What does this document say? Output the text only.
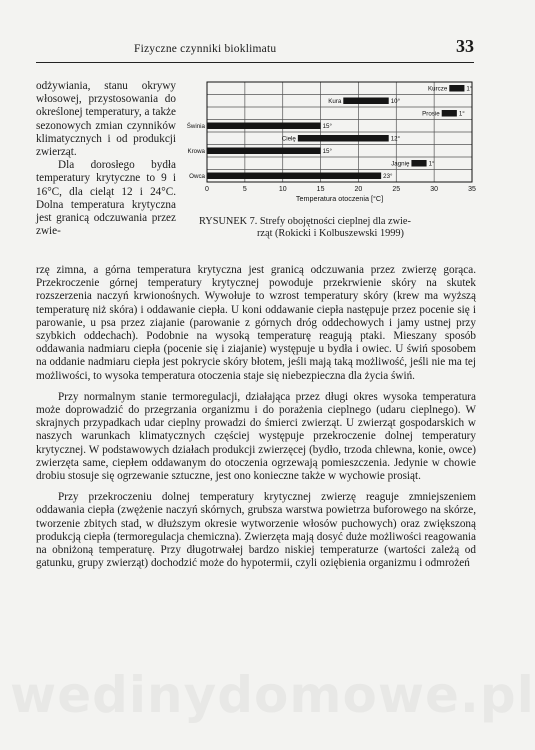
Fizyczne czynniki bioklimatu	33

odżywiania, stanu okrywy włosowej, przystosowania do określonej temperatury, a także sezonowych zmian czynników klimatycznych i od produkcji zwierząt.

Dla dorosłego bydła temperatury krytyczne to 9 i 16°C, dla cieląt 12 i 24°C. Dolna temperatura krytyczna jest granicą odczuwania przez zwie-

Kurcze	1°
Kura	10°
Prosie	1°
Świnia	15°
Cielę	12°
Krowa	15°
Jagnię	1°
Owca	23°
0	5	10	15	20	25	30	35
Temperatura otoczenia [°C]
RYSUNEK 7. Strefy obojętności cieplnej dla zwie-
rząt (Rokicki i Kolbuszewski 1999)

rzę zimna, a górna temperatura krytyczna jest granicą odczuwania przez zwierzę gorąca. Przekroczenie górnej temperatury krytycznej powoduje przekrwienie skóry na skutek rozszerzenia naczyń krwionośnych. Wywołuje to wzrost temperatury skóry (krew ma wyższą temperaturę niż skóra) i oddawanie ciepła. U koni oddawanie ciepła następuje przez pocenie się i parowanie, u psa przez ziajanie (parowanie z górnych dróg oddechowych i jamy ustnej przy szybkich oddechach). Podobnie na wysoką temperaturę reagują ptaki. Mieszany sposób oddawania nadmiaru ciepła (pocenie się i ziajanie) występuje u bydła i owiec. U świń sposobem na oddanie nadmiaru ciepła jest pokrycie skóry błotem, jeśli mają taką możliwość, jeśli nie ma tej możliwości, to wysoka temperatura otoczenia staje się niebezpieczna dla życia świń.

Przy normalnym stanie termoregulacji, działająca przez długi okres wysoka temperatura może doprowadzić do przegrzania organizmu i do porażenia cieplnego (udaru cieplnego). W skrajnych przypadkach udar cieplny prowadzi do śmierci zwierząt. U zwierząt gospodarskich w naszych warunkach klimatycznych częściej występuje przekroczenie dolnej temperatury krytycznej. W podstawowych działach produkcji zwierzęcej (bydło, trzoda chlewna, konie, owce) zwierzęta same, ciepłem oddawanym do otoczenia ogrzewają pomieszczenia. Jedynie w chowie drobiu stosuje się ogrzewanie sztuczne, jest ono konieczne także w wychowie prosiąt.

Przy przekroczeniu dolnej temperatury krytycznej zwierzę reaguje zmniejszeniem oddawania ciepła (zwężenie naczyń skórnych, grubsza warstwa powietrza buforowego na skórze, tworzenie zbitych stad, w dłuższym okresie wytworzenie włosów puchowych) oraz zwiększoną produkcją ciepła (termoregulacja chemiczna). Zwierzęta mają dosyć duże możliwości reagowania na obniżoną temperaturę. Przy długotrwałej bardzo niskiej temperaturze (wartości zależą od gatunku, grupy zwierząt) dochodzić może do hypotermii, czyli oziębienia organizmu i odmrożeń
